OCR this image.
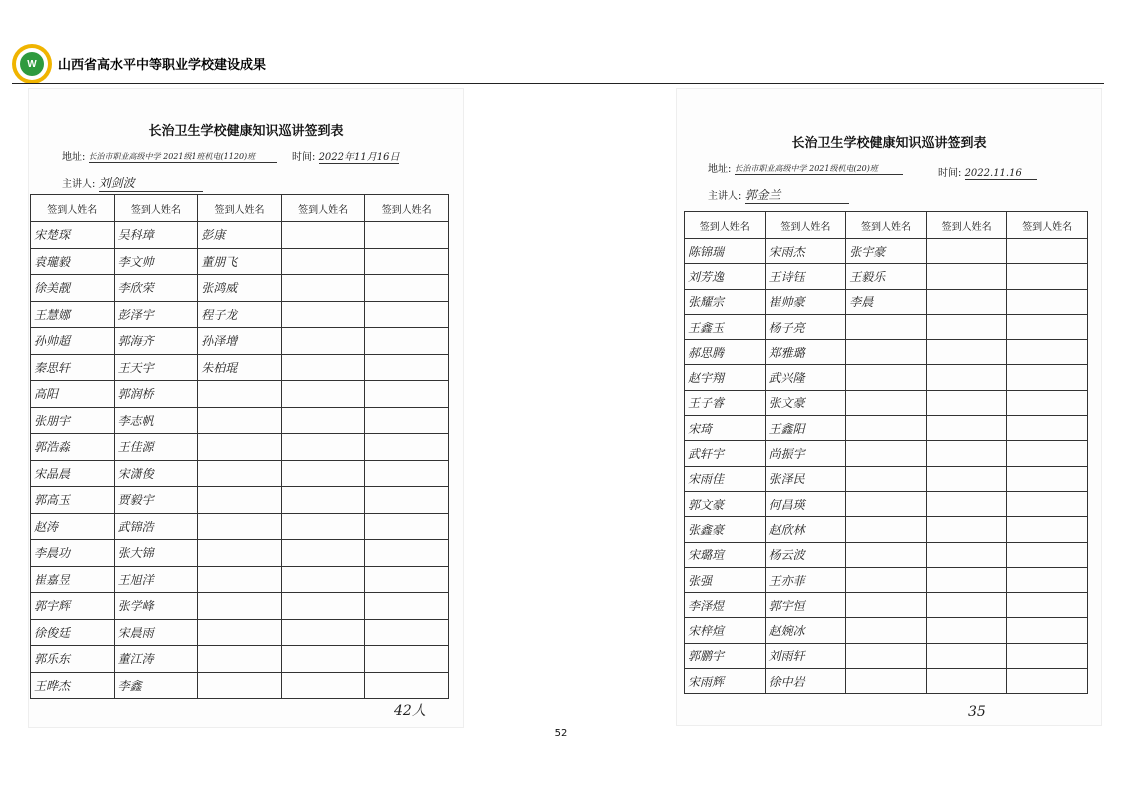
W	山西省高水平中等职业学校建设成果
长治卫生学校健康知识巡讲签到表
地址: 长治市职业高级中学 2021级1班机电(1120)班	时间: 2022年11月16日
主讲人: 刘剑波
签到人姓名	签到人姓名	签到人姓名	签到人姓名	签到人姓名
宋楚琛	吴科璋	彭康		
袁瓏毅	李文帅	董朋飞		
徐美靓	李欣荣	张鸿威		
王慧娜	彭泽宇	程子龙		
孙帅超	郭海齐	孙泽增		
秦思轩	王天宇	朱柏琨		
高阳	郭润桥			
张朋宇	李志帆			
郭浩淼	王佳源			
宋晶晨	宋潇俊			
郭高玉	贾毅宇			
赵涛	武锦浩			
李晨功	张大锦			
崔嘉昱	王旭洋			
郭宇辉	张学峰			
徐俊廷	宋晨雨			
郭乐东	董江涛			
王晔杰	李鑫			
42人
长治卫生学校健康知识巡讲签到表
地址: 长治市职业高级中学 2021级机电(20)班	时间: 2022.11.16
主讲人: 郭金兰
签到人姓名	签到人姓名	签到人姓名	签到人姓名	签到人姓名
陈锦瑞	宋雨杰	张宇豪		
刘芳逸	王诗钰	王毅乐		
张耀宗	崔帅豪	李晨		
王鑫玉	杨子亮			
郝思腾	郑雅璐			
赵宇翔	武兴隆			
王子睿	张文豪			
宋琦	王鑫阳			
武轩宇	尚振宇			
宋雨佳	张泽民			
郭文豪	何昌瑛			
张鑫豪	赵欣林			
宋璐瑄	杨云波			
张强	王亦菲			
李泽煜	郭宇恒			
宋梓煊	赵婉冰			
郭鹏宇	刘雨轩			
宋雨辉	徐中岩			
35
52
